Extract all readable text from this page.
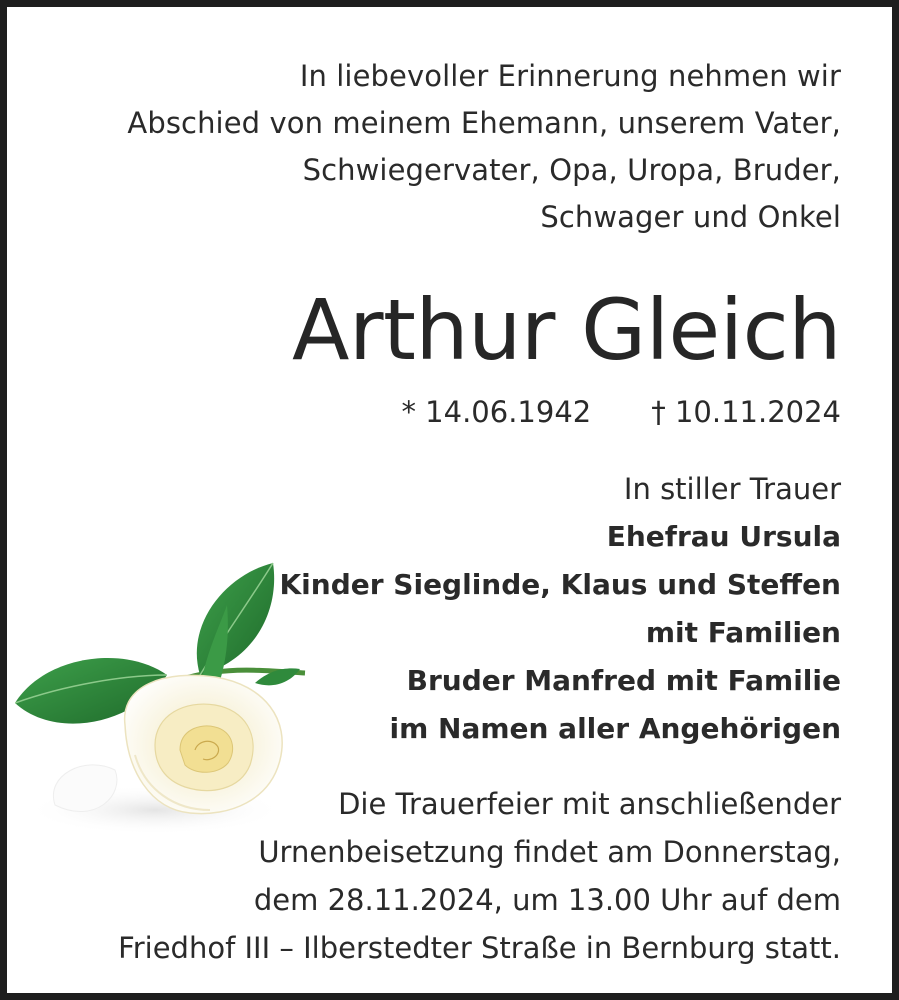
In liebevoller Erinnerung nehmen wir
Abschied von meinem Ehemann, unserem Vater,
Schwiegervater, Opa, Uropa, Bruder,
Schwager und Onkel
Arthur Gleich
* 14.06.1942 † 10.11.2024
In stiller Trauer
Ehefrau Ursula
Kinder Sieglinde, Klaus und Steffen
mit Familien
Bruder Manfred mit Familie
im Namen aller Angehörigen
Die Trauerfeier mit anschließender
Urnenbeisetzung findet am Donnerstag,
dem 28.11.2024, um 13.00 Uhr auf dem
Friedhof III – Ilberstedter Straße in Bernburg statt.
